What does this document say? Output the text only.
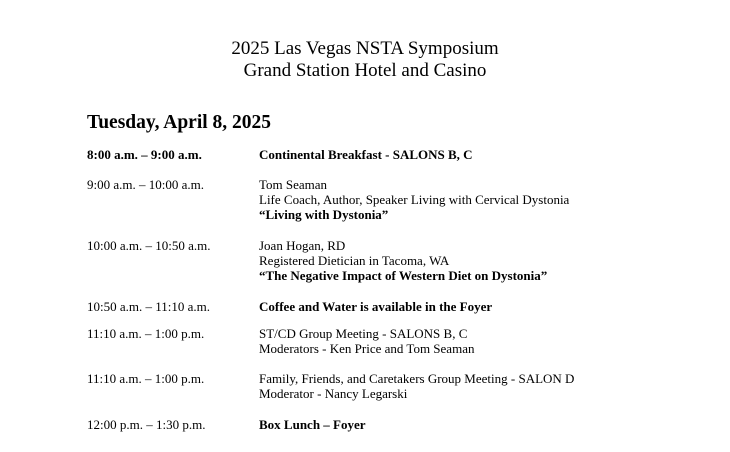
2025 Las Vegas NSTA Symposium
Grand Station Hotel and Casino
Tuesday, April 8, 2025
8:00 a.m. – 9:00 a.m.	Continental Breakfast - SALONS B, C
9:00 a.m. – 10:00 a.m.	Tom Seaman
Life Coach, Author, Speaker Living with Cervical Dystonia
“Living with Dystonia”
10:00 a.m. – 10:50 a.m.	Joan Hogan, RD
Registered Dietician in Tacoma, WA
“The Negative Impact of Western Diet on Dystonia”
10:50 a.m. – 11:10 a.m.	Coffee and Water is available in the Foyer
11:10 a.m. – 1:00 p.m.	ST/CD Group Meeting - SALONS B, C
Moderators - Ken Price and Tom Seaman
11:10 a.m. – 1:00 p.m.	Family, Friends, and Caretakers Group Meeting - SALON D
Moderator - Nancy Legarski
12:00 p.m. – 1:30 p.m.	Box Lunch – Foyer
